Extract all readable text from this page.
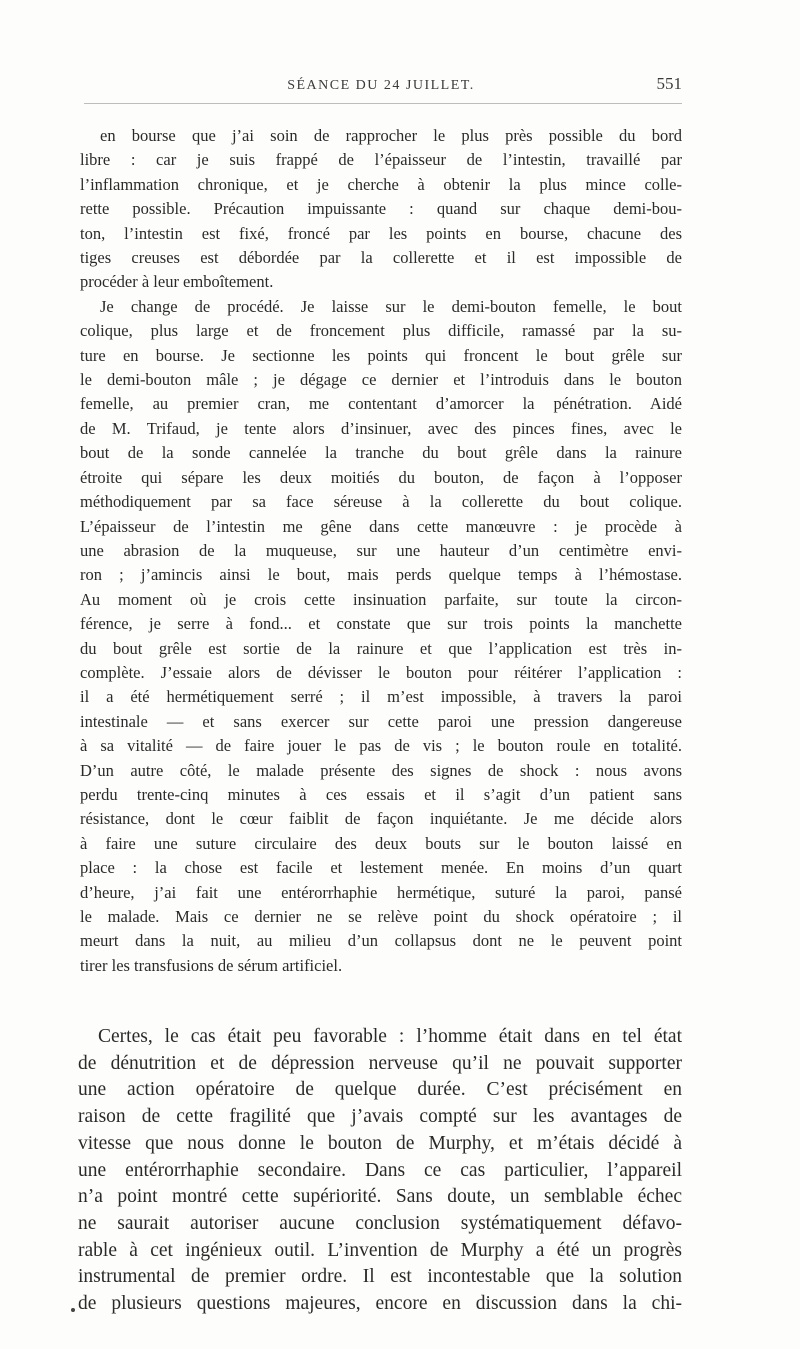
SÉANCE DU 24 JUILLET.	551
en bourse que j’ai soin de rapprocher le plus près possible du bord
libre : car je suis frappé de l’épaisseur de l’intestin, travaillé par
l’inflammation chronique, et je cherche à obtenir la plus mince colle-
rette possible. Précaution impuissante : quand sur chaque demi-bou-
ton, l’intestin est fixé, froncé par les points en bourse, chacune des
tiges creuses est débordée par la collerette et il est impossible de
procéder à leur emboîtement.
Je change de procédé. Je laisse sur le demi-bouton femelle, le bout
colique, plus large et de froncement plus difficile, ramassé par la su-
ture en bourse. Je sectionne les points qui froncent le bout grêle sur
le demi-bouton mâle ; je dégage ce dernier et l’introduis dans le bouton
femelle, au premier cran, me contentant d’amorcer la pénétration. Aidé
de M. Trifaud, je tente alors d’insinuer, avec des pinces fines, avec le
bout de la sonde cannelée la tranche du bout grêle dans la rainure
étroite qui sépare les deux moitiés du bouton, de façon à l’opposer
méthodiquement par sa face séreuse à la collerette du bout colique.
L’épaisseur de l’intestin me gêne dans cette manœuvre : je procède à
une abrasion de la muqueuse, sur une hauteur d’un centimètre envi-
ron ; j’amincis ainsi le bout, mais perds quelque temps à l’hémostase.
Au moment où je crois cette insinuation parfaite, sur toute la circon-
férence, je serre à fond... et constate que sur trois points la manchette
du bout grêle est sortie de la rainure et que l’application est très in-
complète. J’essaie alors de dévisser le bouton pour réitérer l’application :
il a été hermétiquement serré ; il m’est impossible, à travers la paroi
intestinale — et sans exercer sur cette paroi une pression dangereuse
à sa vitalité — de faire jouer le pas de vis ; le bouton roule en totalité.
D’un autre côté, le malade présente des signes de shock : nous avons
perdu trente-cinq minutes à ces essais et il s’agit d’un patient sans
résistance, dont le cœur faiblit de façon inquiétante. Je me décide alors
à faire une suture circulaire des deux bouts sur le bouton laissé en
place : la chose est facile et lestement menée. En moins d’un quart
d’heure, j’ai fait une entérorrhaphie hermétique, suturé la paroi, pansé
le malade. Mais ce dernier ne se relève point du shock opératoire ; il
meurt dans la nuit, au milieu d’un collapsus dont ne le peuvent point
tirer les transfusions de sérum artificiel.
Certes, le cas était peu favorable : l’homme était dans en tel état
de dénutrition et de dépression nerveuse qu’il ne pouvait supporter
une action opératoire de quelque durée. C’est précisément en
raison de cette fragilité que j’avais compté sur les avantages de
vitesse que nous donne le bouton de Murphy, et m’étais décidé à
une entérorrhaphie secondaire. Dans ce cas particulier, l’appareil
n’a point montré cette supériorité. Sans doute, un semblable échec
ne saurait autoriser aucune conclusion systématiquement défavo-
rable à cet ingénieux outil. L’invention de Murphy a été un progrès
instrumental de premier ordre. Il est incontestable que la solution
de plusieurs questions majeures, encore en discussion dans la chi-
